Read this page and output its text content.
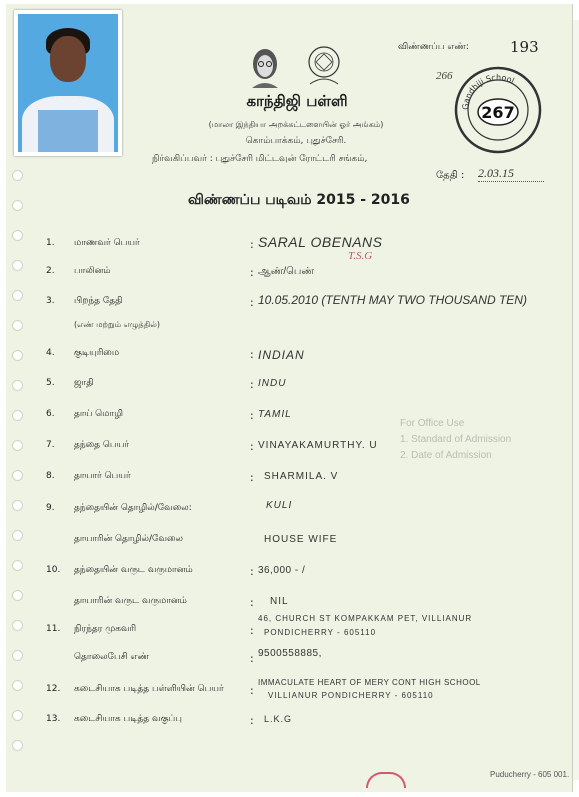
For Office Use
1. Standard of Admission
2. Date of Admission
காந்திஜி பள்ளி
(மாலா இந்தியா அறக்கட்டளையின் ஓர் அங்கம்)
கொம்பாக்கம், புதுச்சேரி.
நிர்வகிப்பவர் : புதுச்சேரி மிட்டவுன் ரோட்டரி சங்கம்,
விண்ணப்ப எண்:	193
266
Gandhiji School
267
தேதி : 2.03.15
விண்ணப்ப படிவம் 2015 - 2016
1. மாணவர் பெயர்	: SARAL OBENANS
T.S.G
2. பாலினம்	: ஆண்/பெண்
3. பிறந்த தேதி	: 10.05.2010 (TENTH MAY TWO THOUSAND TEN)
(எண் மற்றும் எழுத்தில்)
4. குடியுரிமை	: INDIAN
5. ஜாதி	: INDU
6. தாய் மொழி	: TAMIL
7. தந்தை பெயர்	: VINAYAKAMURTHY. U
8. தாயார் பெயர்	: SHARMILA. V
9. தந்தையின் தொழில்/வேலை:	KULI
தாயாரின் தொழில்/வேலை	HOUSE WIFE
10. தந்தையின் வருட வருமானம்	: 36,000 - /
தாயாரின் வருட வருமானம்	: NIL
11. நிரந்தர முகவரி	:
46, CHURCH ST KOMPAKKAM PET, VILLIANUR
PONDICHERRY - 605110
தொலைபேசி எண்	: 9500558885,
12. கடைசியாக படித்த பள்ளியின் பெயர் :
IMMACULATE HEART OF MERY CONT HIGH SCHOOL
VILLIANUR PONDICHERRY - 605110
13. கடைசியாக படித்த வகுப்பு	: L.K.G
Puducherry - 605 001.
